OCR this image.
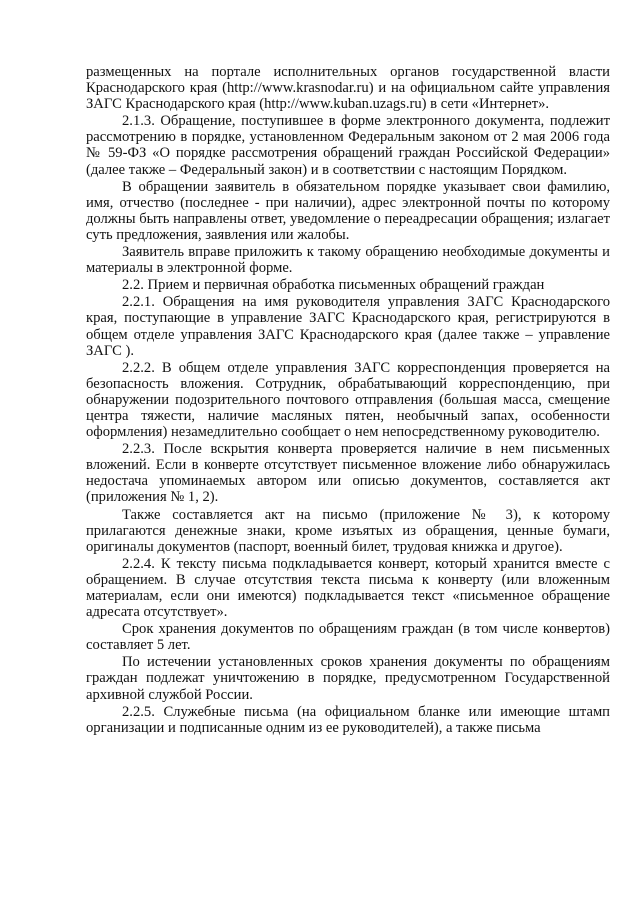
размещенных на портале исполнительных органов государственной власти Краснодарского края (http://www.krasnodar.ru) и на официальном сайте управления ЗАГС Краснодарского края (http://www.kuban.uzags.ru) в сети «Интернет».

2.1.3. Обращение, поступившее в форме электронного документа, подлежит рассмотрению в порядке, установленном Федеральным законом от 2 мая 2006 года № 59-ФЗ «О порядке рассмотрения обращений граждан Российской Федерации» (далее также – Федеральный закон) и в соответствии с настоящим Порядком.

В обращении заявитель в обязательном порядке указывает свои фамилию, имя, отчество (последнее - при наличии), адрес электронной почты по которому должны быть направлены ответ, уведомление о переадресации обращения; излагает суть предложения, заявления или жалобы.

Заявитель вправе приложить к такому обращению необходимые документы и материалы в электронной форме.

2.2. Прием и первичная обработка письменных обращений граждан

2.2.1. Обращения на имя руководителя управления ЗАГС Краснодарского края, поступающие в управление ЗАГС Краснодарского края, регистрируются в общем отделе управления ЗАГС Краснодарского края (далее также – управление ЗАГС ).

2.2.2. В общем отделе управления ЗАГС корреспонденция проверяется на безопасность вложения. Сотрудник, обрабатывающий корреспонденцию, при обнаружении подозрительного почтового отправления (большая масса, смещение центра тяжести, наличие масляных пятен, необычный запах, особенности оформления) незамедлительно сообщает о нем непосредственному руководителю.

2.2.3. После вскрытия конверта проверяется наличие в нем письменных вложений. Если в конверте отсутствует письменное вложение либо обнаружилась недостача упоминаемых автором или описью документов, составляется акт (приложения № 1, 2).

Также составляется акт на письмо (приложение № 3), к которому прилагаются денежные знаки, кроме изъятых из обращения, ценные бумаги, оригиналы документов (паспорт, военный билет, трудовая книжка и другое).

2.2.4. К тексту письма подкладывается конверт, который хранится вместе с обращением. В случае отсутствия текста письма к конверту (или вложенным материалам, если они имеются) подкладывается текст «письменное обращение адресата отсутствует».

Срок хранения документов по обращениям граждан (в том числе конвертов) составляет 5 лет.

По истечении установленных сроков хранения документы по обращениям граждан подлежат уничтожению в порядке, предусмотренном Государственной архивной службой России.

2.2.5. Служебные письма (на официальном бланке или имеющие штамп организации и подписанные одним из ее руководителей), а также письма
